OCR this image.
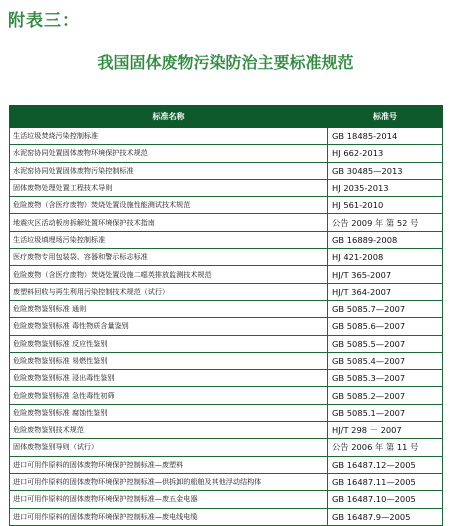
附表三：
我国固体废物污染防治主要标准规范
标准名称	标准号
生活垃圾焚烧污染控制标准	GB 18485-2014
水泥窑协同处置固体废物环境保护技术规范	HJ 662-2013
水泥窑协同处置固体废物污染控制标准	GB 30485—2013
固体废物处理处置工程技术导则	HJ 2035-2013
危险废物（含医疗废物）焚烧处置设施性能测试技术规范	HJ 561-2010
地震灾区活动板房拆解处置环境保护技术指南	公告 2009 年 第 52 号
生活垃圾填埋场污染控制标准	GB 16889-2008
医疗废物专用包装袋、容器和警示标志标准	HJ 421-2008
危险废物（含医疗废物）焚烧处置设施二噁英排放监测技术规范	HJ/T 365-2007
废塑料回收与再生利用污染控制技术规范（试行）	HJ/T 364-2007
危险废物鉴别标准 通则	GB 5085.7—2007
危险废物鉴别标准 毒性物质含量鉴别	GB 5085.6—2007
危险废物鉴别标准 反应性鉴别	GB 5085.5—2007
危险废物鉴别标准 易燃性鉴别	GB 5085.4—2007
危险废物鉴别标准 浸出毒性鉴别	GB 5085.3—2007
危险废物鉴别标准 急性毒性初筛	GB 5085.2—2007
危险废物鉴别标准 腐蚀性鉴别	GB 5085.1—2007
危险废物鉴别技术规范	HJ/T 298 － 2007
固体废物鉴别导则（试行）	公告 2006 年 第 11 号
进口可用作原料的固体废物环境保护控制标准—废塑料	GB 16487.12—2005
进口可用作原料的固体废物环境保护控制标准—供拆卸的船舶及其他浮动结构体	GB 16487.11—2005
进口可用作原料的固体废物环境保护控制标准—废五金电器	GB 16487.10—2005
进口可用作原料的固体废物环境保护控制标准—废电线电缆	GB 16487.9—2005
